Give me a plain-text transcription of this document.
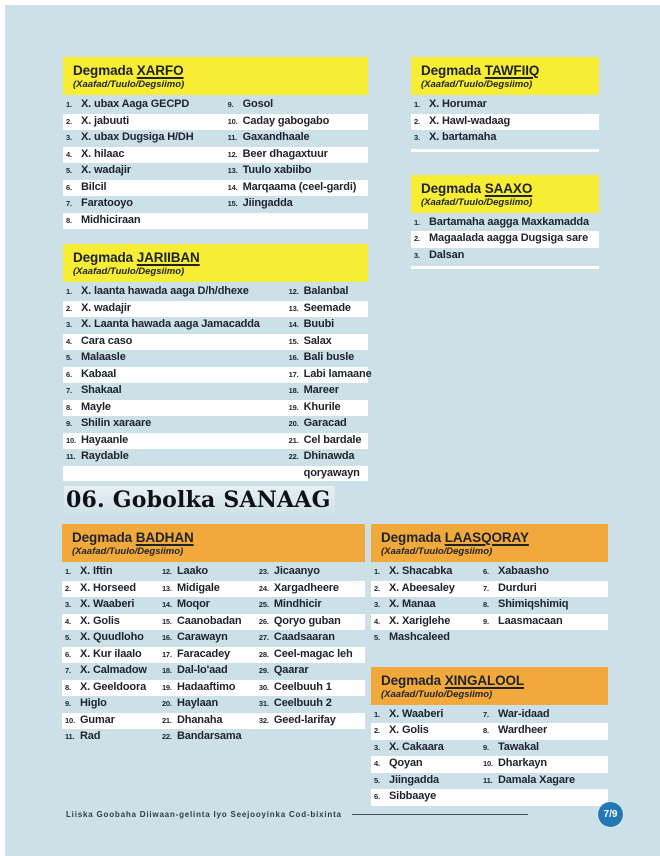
Degmada XARFO
(Xaafad/Tuulo/Degsiimo)
1. X. ubax Aaga GECPD	9. Gosol
2. X. jabuuti	10. Caday gabogabo
3. X. ubax Dugsiga H/DH	11. Gaxandhaale
4. X. hilaac	12. Beer dhagaxtuur
5. X. wadajir	13. Tuulo xabiibo
6. Bilcil	14. Marqaama (ceel-gardi)
7. Faratooyo	15. Jiingadda
8. Midhiciraan
Degmada JARIIBAN
(Xaafad/Tuulo/Degsiimo)
1. X. laanta hawada aaga D/h/dhexe	12. Balanbal
2. X. wadajir	13. Seemade
3. X. Laanta hawada aaga Jamacadda	14. Buubi
4. Cara caso	15. Salax
5. Malaasle	16. Bali busle
6. Kabaal	17. Labi lamaane
7. Shakaal	18. Mareer
8. Mayle	19. Khurile
9. Shilin xaraare	20. Garacad
10. Hayaanle	21. Cel bardale
11. Raydable	22. Dhinawda
qoryawayn
Degmada TAWFIIQ
(Xaafad/Tuulo/Degsiimo)
1. X. Horumar
2. X. Hawl-wadaag
3. X. bartamaha
Degmada SAAXO
(Xaafad/Tuulo/Degsiimo)
1. Bartamaha aagga Maxkamadda
2. Magaalada aagga Dugsiga sare
3. Dalsan
06. Gobolka SANAAG
Degmada BADHAN
(Xaafad/Tuulo/Degsiimo)
1. X. Iftin	12. Laako	23. Jicaanyo
2. X. Horseed	13. Midigale	24. Xargadheere
3. X. Waaberi	14. Moqor	25. Mindhicir
4. X. Golis	15. Caanobadan 26. Qoryo guban
5. X. Quudloho 16. Carawayn	27. Caadsaaran
6. X. Kur ilaalo	17. Faracadey	28. Ceel-magac leh
7. X. Calmadow 18. Dal-lo'aad	29. Qaarar
8. X. Geeldoora 19. Hadaaftimo	30. Ceelbuuh 1
9. Higlo	20. Haylaan	31. Ceelbuuh 2
10. Gumar	21. Dhanaha	32. Geed-larifay
11. Rad	22. Bandarsama
Degmada LAASQORAY
(Xaafad/Tuulo/Degsiimo)
1. X. Shacabka	6. Xabaasho
2. X. Abeesaley	7. Durduri
3. X. Manaa	8. Shimiqshimiq
4. X. Xariglehe	9. Laasmacaan
5. Mashcaleed
Degmada XINGALOOL
(Xaafad/Tuulo/Degsiimo)
1. X. Waaberi	7. War-idaad
2. X. Golis	8. Wardheer
3. X. Cakaara	9. Tawakal
4. Qoyan	10. Dharkayn
5. Jiingadda	11. Damala Xagare
6. Sibbaaye
Liiska Goobaha Diiwaan-gelinta Iyo Seejooyinka Cod-bixinta	7/9
